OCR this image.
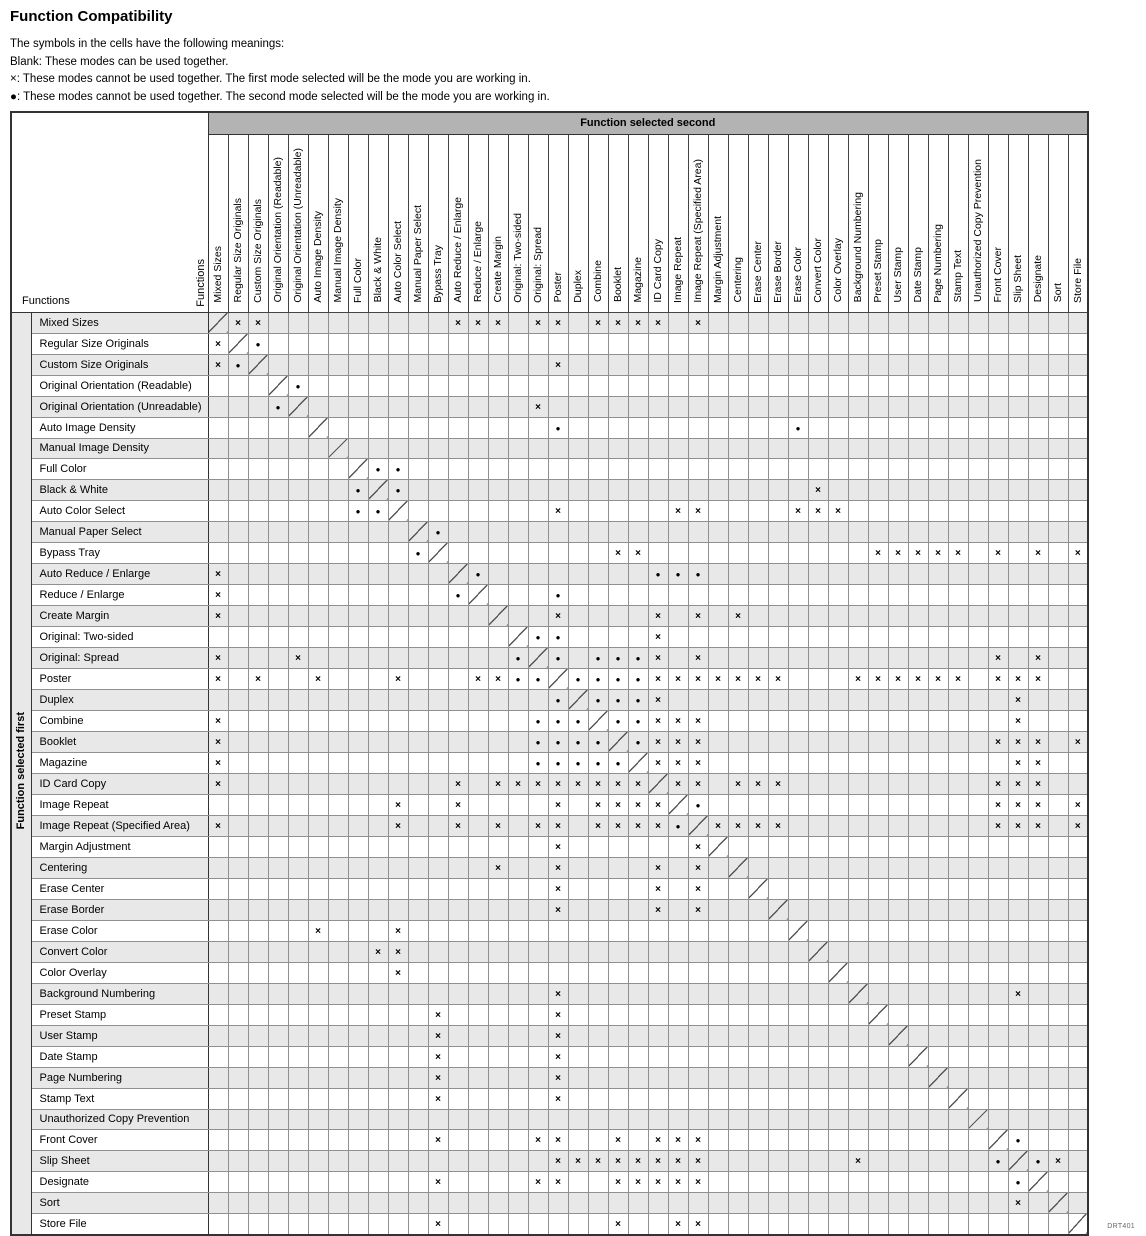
Function Compatibility
The symbols in the cells have the following meanings:
Blank: These modes can be used together.
×: These modes cannot be used together. The first mode selected will be the mode you are working in.
●: These modes cannot be used together. The second mode selected will be the mode you are working in.
Functions Functions		Function selected second																																											
		Mixed Sizes	Regular Size Originals	Custom Size Originals	Original Orientation (Readable)	Original Orientation (Unreadable)	Auto Image Density	Manual Image Density	Full Color	Black & White	Auto Color Select	Manual Paper Select	Bypass Tray	Auto Reduce / Enlarge	Reduce / Enlarge	Create Margin	Original: Two-sided	Original: Spread	Poster	Duplex	Combine	Booklet	Magazine	ID Card Copy	Image Repeat	Image Repeat (Specified Area)	Margin Adjustment	Centering	Erase Center	Erase Border	Erase Color	Convert Color	Color Overlay	Background Numbering	Preset Stamp	User Stamp	Date Stamp	Page Numbering	Stamp Text	Unauthorized Copy Prevention	Front Cover	Slip Sheet	Designate	Sort	Store File
Function selected first	Mixed Sizes		×	×										×	×	×		×	×		×	×	×	×		×																			
	Regular Size Originals	×		●																																									
	Custom Size Originals	×	●																×																										
	Original Orientation (Readable)					●																																							
	Original Orientation (Unreadable)				●													×																											
	Auto Image Density																		●												●														
	Manual Image Density																																												
	Full Color									●	●																																		
	Black & White								●		●																					×													
	Auto Color Select								●	●									×						×	×					×	×	×												
	Manual Paper Select												●																																
	Bypass Tray											●										×	×												×	×	×	×	×		×		×		×
	Auto Reduce / Enlarge	×													●									●	●	●																			
	Reduce / Enlarge	×												●					●																										
	Create Margin	×																	×					×		×		×																	
	Original: Two-sided																	●	●					×																					
	Original: Spread	×				×											●		●		●	●	●	×		×															×		×		
	Poster	×		×			×				×				×	×	●	●		●	●	●	●	×	×	×	×	×	×	×				×	×	×	×	×	×		×	×	×		
	Duplex																		●		●	●	●	×																		×			
	Combine	×																●	●	●		●	●	×	×	×																×			
	Booklet	×																●	●	●	●		●	×	×	×															×	×	×		×
	Magazine	×																●	●	●	●	●		×	×	×																×	×		
	ID Card Copy	×												×		×	×	×	×	×	×	×	×		×	×		×	×	×											×	×	×		
	Image Repeat										×			×					×		×	×	×	×		●															×	×	×		×
	Image Repeat (Specified Area)	×									×			×		×		×	×		×	×	×	×	●		×	×	×	×											×	×	×		×
	Margin Adjustment																		×							×																			
	Centering															×			×					×		×																			
	Erase Center																		×					×		×																			
	Erase Border																		×					×		×																			
	Erase Color						×				×																																		
	Convert Color									×	×																																		
	Color Overlay										×																																		
	Background Numbering																		×																							×			
	Preset Stamp												×						×																										
	User Stamp												×						×																										
	Date Stamp												×						×																										
	Page Numbering												×						×																										
	Stamp Text												×						×																										
	Unauthorized Copy Prevention																																												
	Front Cover												×					×	×			×		×	×	×																●			
	Slip Sheet																		×	×	×	×	×	×	×	×								×							●		●	×	
	Designate												×					×	×			×	×	×	×	×																●			
	Sort																																									×			
	Store File												×									×			×	×																				DRT401
